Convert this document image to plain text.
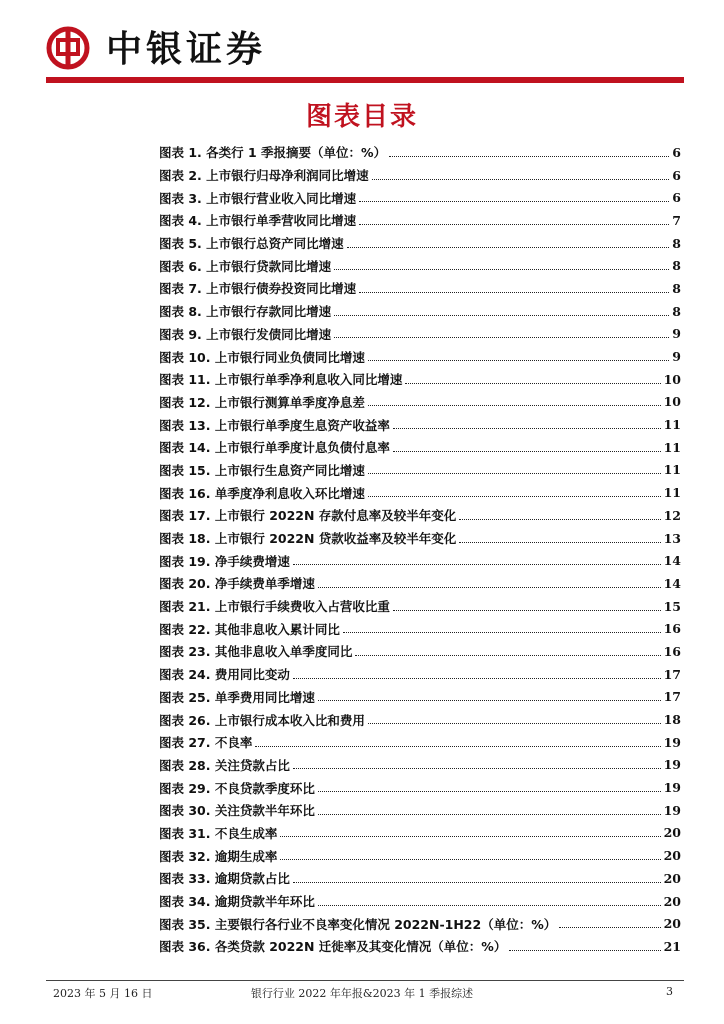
中银证券
图表目录
图表 1. 各类行 1 季报摘要（单位：%）	6
图表 2. 上市银行归母净利润同比增速	6
图表 3. 上市银行营业收入同比增速	6
图表 4. 上市银行单季营收同比增速	7
图表 5. 上市银行总资产同比增速	8
图表 6. 上市银行贷款同比增速	8
图表 7. 上市银行债券投资同比增速	8
图表 8. 上市银行存款同比增速	8
图表 9. 上市银行发债同比增速	9
图表 10. 上市银行同业负债同比增速	9
图表 11. 上市银行单季净利息收入同比增速	10
图表 12. 上市银行测算单季度净息差	10
图表 13. 上市银行单季度生息资产收益率	11
图表 14. 上市银行单季度计息负债付息率	11
图表 15. 上市银行生息资产同比增速	11
图表 16. 单季度净利息收入环比增速	11
图表 17. 上市银行 2022N 存款付息率及较半年变化	12
图表 18. 上市银行 2022N 贷款收益率及较半年变化	13
图表 19. 净手续费增速	14
图表 20. 净手续费单季增速	14
图表 21. 上市银行手续费收入占营收比重	15
图表 22. 其他非息收入累计同比	16
图表 23. 其他非息收入单季度同比	16
图表 24. 费用同比变动	17
图表 25. 单季费用同比增速	17
图表 26. 上市银行成本收入比和费用	18
图表 27. 不良率	19
图表 28. 关注贷款占比	19
图表 29. 不良贷款季度环比	19
图表 30. 关注贷款半年环比	19
图表 31. 不良生成率	20
图表 32. 逾期生成率	20
图表 33. 逾期贷款占比	20
图表 34. 逾期贷款半年环比	20
图表 35. 主要银行各行业不良率变化情况 2022N-1H22（单位：%）	20
图表 36. 各类贷款 2022N 迁徙率及其变化情况（单位：%）	21
2023 年 5 月 16 日	银行行业 2022 年年报&2023 年 1 季报综述	3
